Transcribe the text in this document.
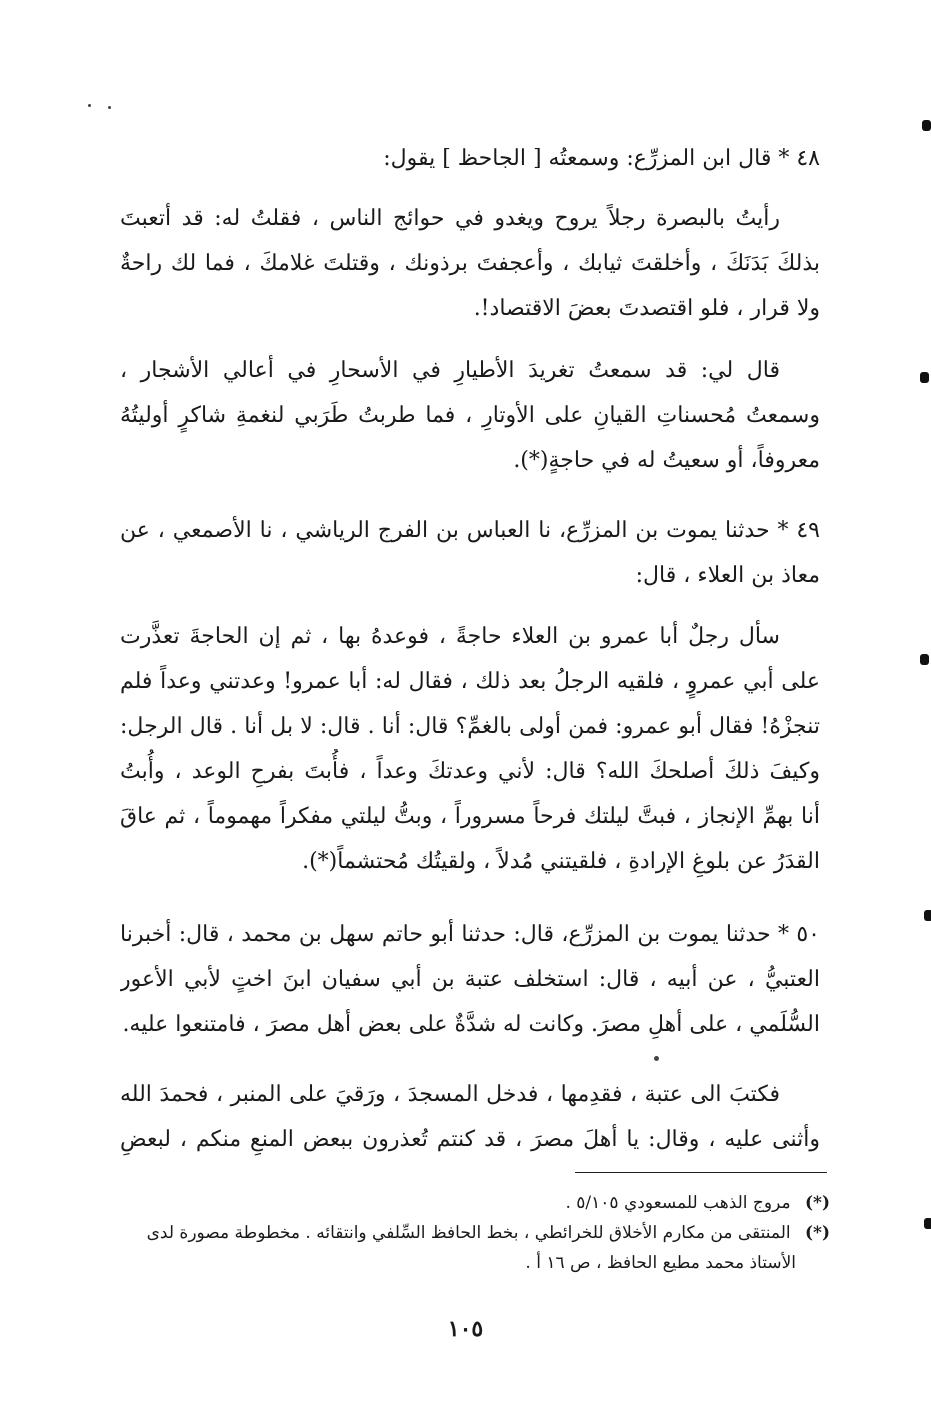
٤٨ * قال ابن المزرِّع: وسمعتُه [ الجاحظ ] يقول:
رأيتُ بالبصرة رجلاً يروح ويغدو في حوائج الناس ، فقلتُ له: قد أتعبتَ
بذلكَ بَدَنَكَ ، وأخلقتَ ثيابك ، وأعجفتَ برذونك ، وقتلتَ غلامكَ ، فما لك راحةٌ
ولا قرار ، فلو اقتصدتَ بعضَ الاقتصاد!.
قال لي: قد سمعتُ تغريدَ الأطيارِ في الأسحارِ في أعالي الأشجار ،
وسمعتُ مُحسناتِ القيانِ على الأوتارِ ، فما طربتُ طَرَبي لنغمةِ شاكرٍ أوليتُهُ
معروفاً، أو سعيتُ له في حاجةٍ(*).
٤٩ * حدثنا يموت بن المزرِّع، نا العباس بن الفرج الرياشي ، نا الأصمعي ، عن
معاذ بن العلاء ، قال:
سأل رجلٌ أبا عمرو بن العلاء حاجةً ، فوعدهُ بها ، ثم إن الحاجةَ تعذَّرت
على أبي عمروٍ ، فلقيه الرجلُ بعد ذلك ، فقال له: أبا عمرو! وعدتني وعداً فلم
تنجزْهُ! فقال أبو عمرو: فمن أولى بالغمِّ؟ قال: أنا . قال: لا بل أنا . قال الرجل:
وكيفَ ذلكَ أصلحكَ الله؟ قال: لأني وعدتكَ وعداً ، فأُبتَ بفرحِ الوعد ، وأُبتُ
أنا بهمِّ الإنجاز ، فبتَّ ليلتك فرحاً مسروراً ، وبتُّ ليلتي مفكراً مهموماً ، ثم عاقَ
القدَرُ عن بلوغِ الإرادةِ ، فلقيتني مُدلاً ، ولقيتُك مُحتشماً(*).
٥٠ * حدثنا يموت بن المزرِّع، قال: حدثنا أبو حاتم سهل بن محمد ، قال: أخبرنا
العتبيُّ ، عن أبيه ، قال: استخلف عتبة بن أبي سفيان ابنَ اختٍ لأبي الأعور
السُّلَمي ، على أهلِ مصرَ. وكانت له شدَّةٌ على بعض أهل مصرَ ، فامتنعوا عليه.
فكتبَ الى عتبة ، فقدِمها ، فدخل المسجدَ ، ورَقيَ على المنبر ، فحمدَ الله
وأثنى عليه ، وقال: يا أهلَ مصرَ ، قد كنتم تُعذرون ببعض المنعِ منكم ، لبعضِ
(*) مروج الذهب للمسعودي ٥/١٠٥ .
(*) المنتقى من مكارم الأخلاق للخرائطي ، بخط الحافظ السِّلفي وانتقائه . مخطوطة مصورة لدى
الأستاذ محمد مطيع الحافظ ، ص ١٦ أ .
١٠٥
